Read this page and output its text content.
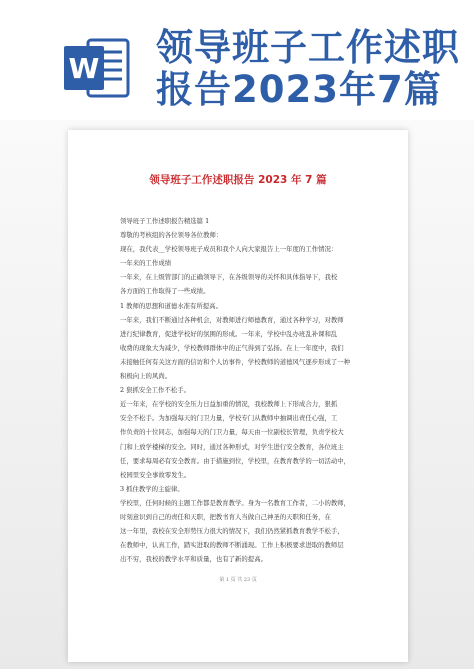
W 领导班子工作述职
报告2023年7篇
领导班子工作述职报告 2023 年 7 篇

领导班子工作述职报告精选篇 1

尊敬的考核组的各位领导各位教师：

现在，我代表__学校领导班子成员和我个人向大家报告上一年度的工作情况：

一年来的工作成绩

一年来，在上级管部门的正确领导下，在各级领导的关怀和具体指导下，我校

各方面的工作取得了一些成绩。

1 教师的思想和道德水准有所提高。

一年来，我们不断通过各种机会，对教师进行师德教育，通过各种学习，对教师

进行纪律教育，促进学校好的氛围的形成。一年来，学校中乱办班乱补课和乱

收费的现象大为减少，学校教师群体中的正气得到了弘扬。在上一年度中，我们

未接触任何有关这方面的信访和个人访事件，学校教师的道德风气逐步形成了一种

积极向上的风尚。

2 狠抓安全工作不松手。

近一年来，在学校的安全压力日益加重的情况，我校教师上下形成合力，狠抓

安全不松手。为加强每天的门卫力量，学校专门从教师中抽调出责任心强，工

作负责的十位同志，加强每天的门卫力量，每天由一位副校长管理，负责学校大

门和上放学楼梯的安全。同时，通过各种形式，对学生进行安全教育，各位班主

任，要求每周必有安全教育。由于措施到位，学校里，在教育教学的一切活动中，

校园里安全事故零发生。

3 抓住教学的主旋律。

学校里，任何时候的主题工作都是教育教学。身为一名教育工作者，二小的教师，

时刻意识到自己的责任和天职，把教书育人当做自己神圣的天职和任务，在

这一年里，我校在安全形势压力很大的情况下，我们仍然紧抓教育教学不松手，

在教师中，认真工作，踏实进取的教师不断涌现。工作上积极要求进取的教师层

出不穷，我校的教学水平和质量，也有了新的提高。

第 1 页 共 23 页
